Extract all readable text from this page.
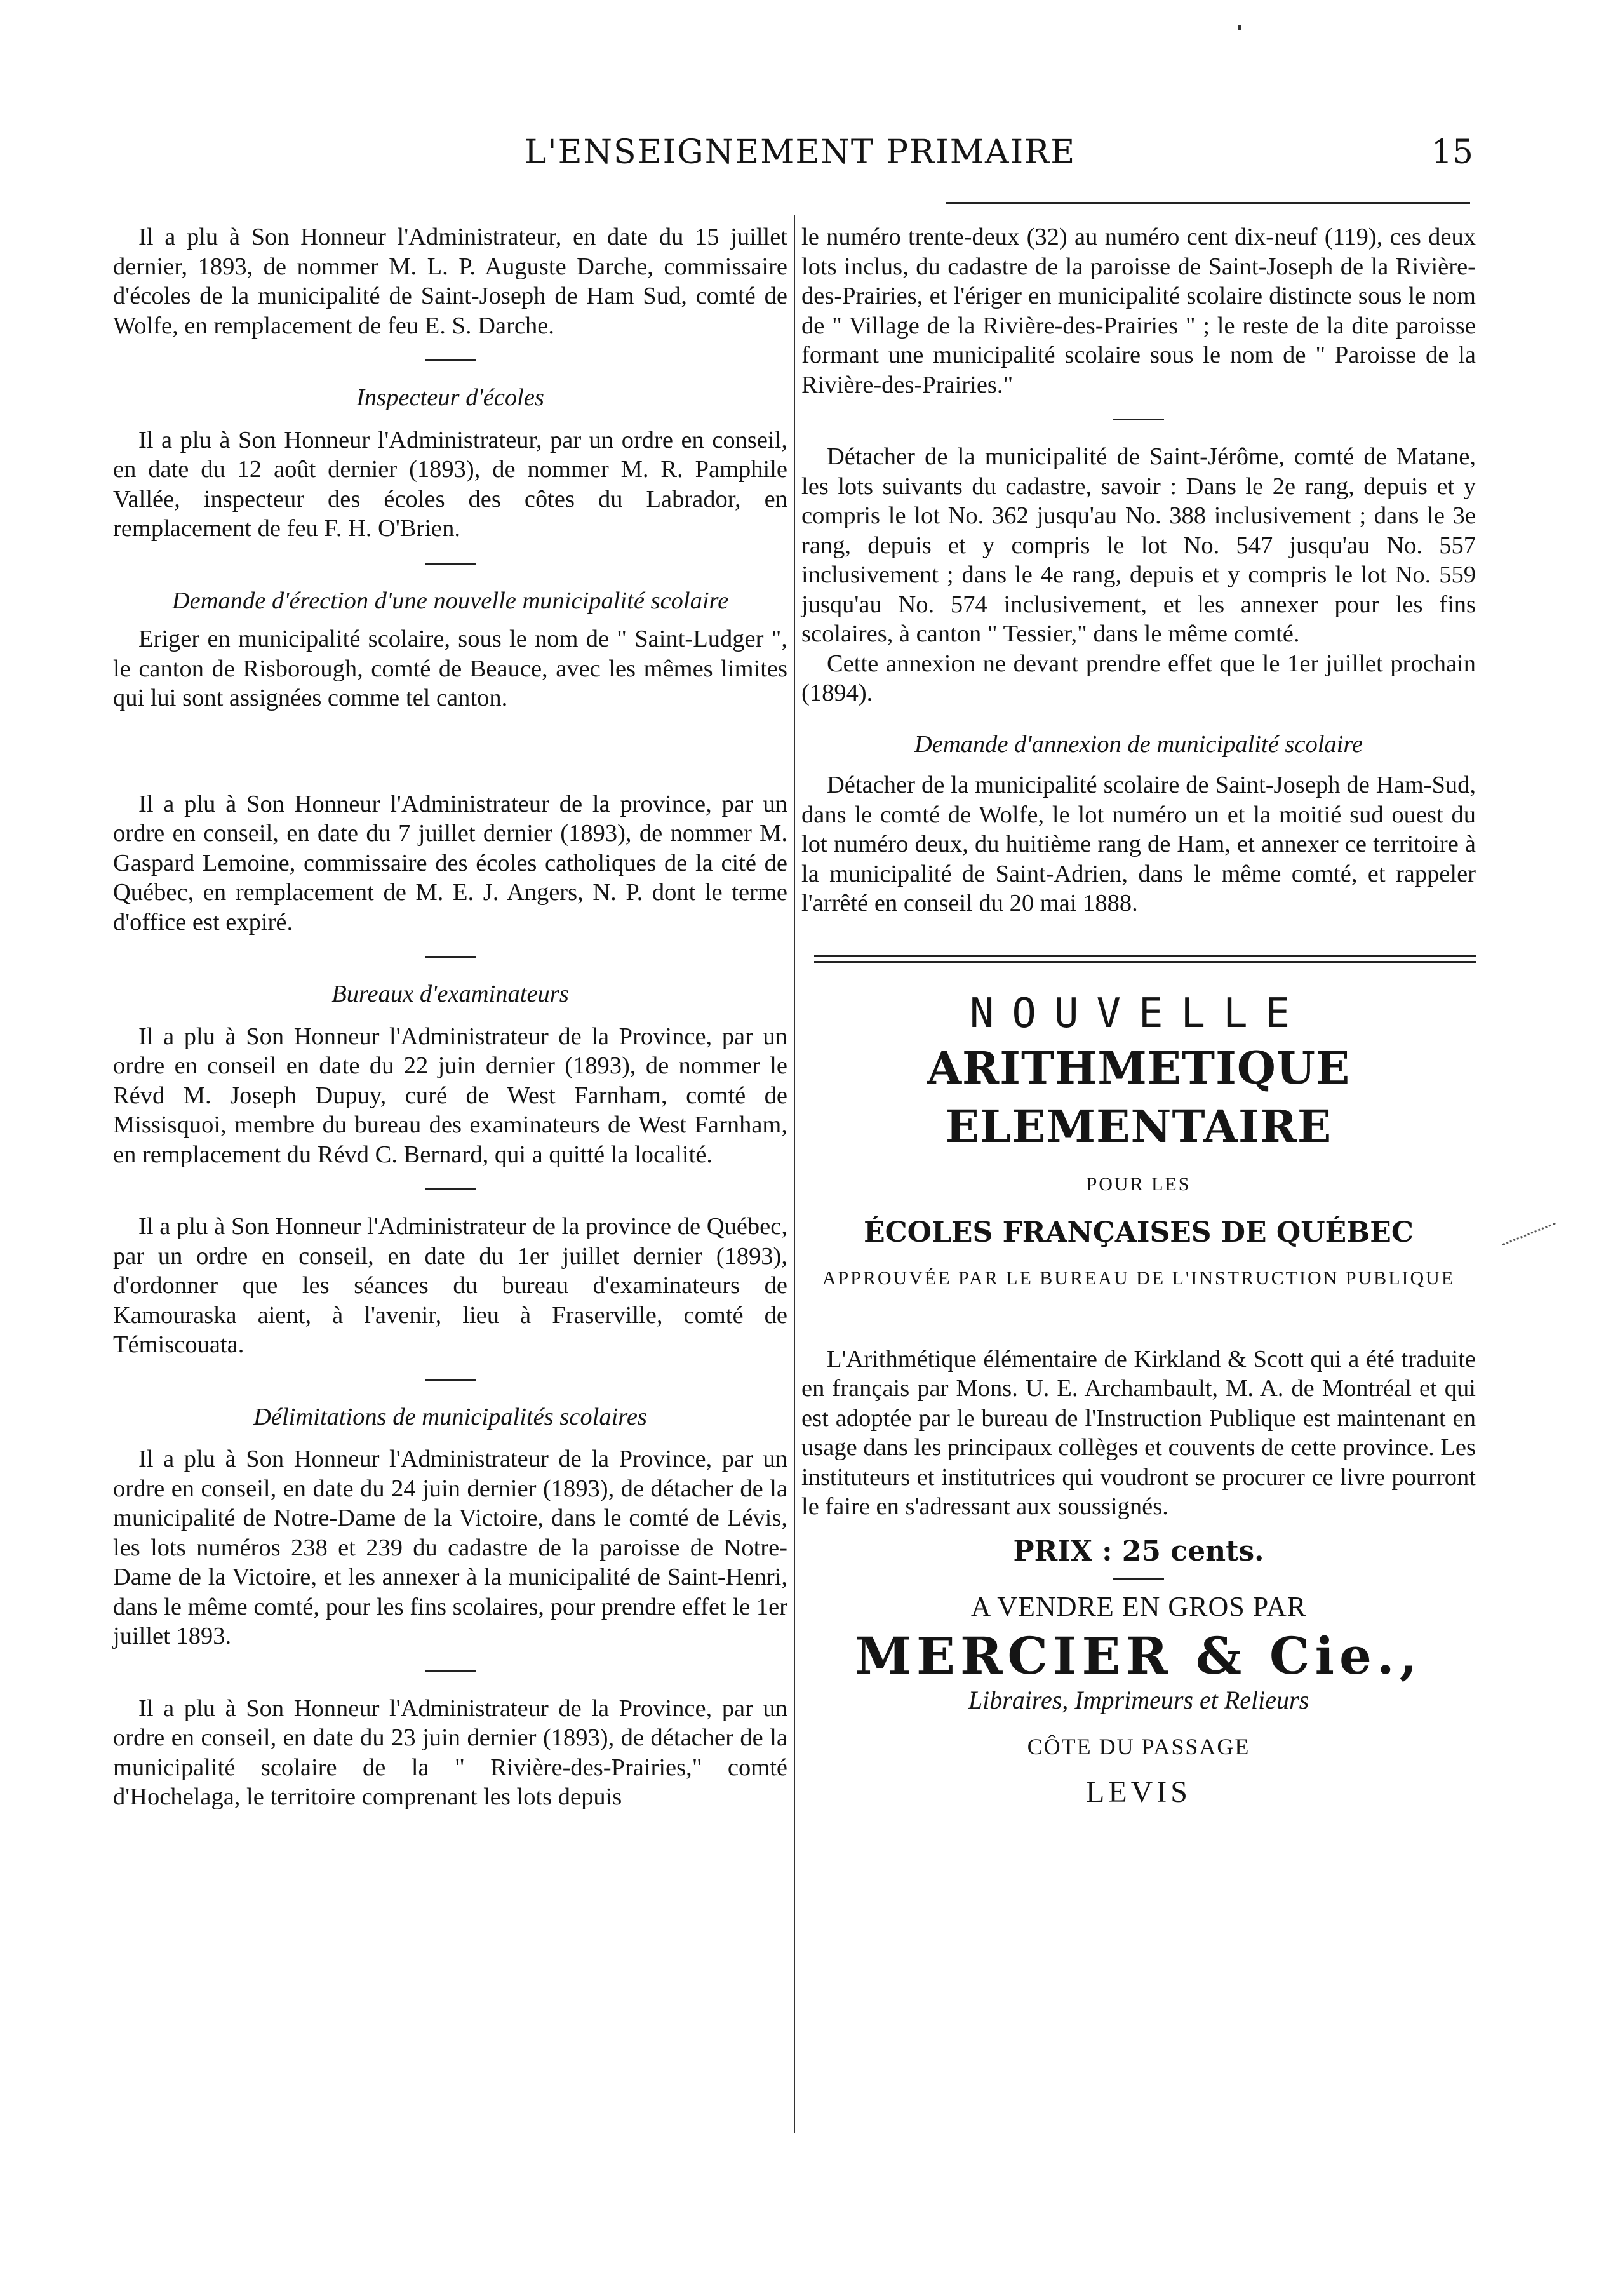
L'ENSEIGNEMENT PRIMAIRE	15

Il a plu à Son Honneur l'Administrateur, en date du 15 juillet dernier, 1893, de nommer M. L. P. Auguste Darche, commissaire d'écoles de la municipalité de Saint-Joseph de Ham Sud, comté de Wolfe, en remplacement de feu E. S. Darche.

Inspecteur d'écoles

Il a plu à Son Honneur l'Administrateur, par un ordre en conseil, en date du 12 août dernier (1893), de nommer M. R. Pamphile Vallée, inspecteur des écoles des côtes du Labrador, en remplacement de feu F. H. O'Brien.

Demande d'érection d'une nouvelle municipalité scolaire

Eriger en municipalité scolaire, sous le nom de " Saint-Ludger ", le canton de Risborough, comté de Beauce, avec les mêmes limites qui lui sont assignées comme tel canton.

Il a plu à Son Honneur l'Administrateur de la province, par un ordre en conseil, en date du 7 juillet dernier (1893), de nommer M. Gaspard Lemoine, commissaire des écoles catholiques de la cité de Québec, en remplacement de M. E. J. Angers, N. P. dont le terme d'office est expiré.

Bureaux d'examinateurs

Il a plu à Son Honneur l'Administrateur de la Province, par un ordre en conseil en date du 22 juin dernier (1893), de nommer le Révd M. Joseph Dupuy, curé de West Farnham, comté de Missisquoi, membre du bureau des examinateurs de West Farnham, en remplacement du Révd C. Bernard, qui a quitté la localité.

Il a plu à Son Honneur l'Administrateur de la province de Québec, par un ordre en conseil, en date du 1er juillet dernier (1893), d'ordonner que les séances du bureau d'examinateurs de Kamouraska aient, à l'avenir, lieu à Fraserville, comté de Témiscouata.

Délimitations de municipalités scolaires

Il a plu à Son Honneur l'Administrateur de la Province, par un ordre en conseil, en date du 24 juin dernier (1893), de détacher de la municipalité de Notre-Dame de la Victoire, dans le comté de Lévis, les lots numéros 238 et 239 du cadastre de la paroisse de Notre-Dame de la Victoire, et les annexer à la municipalité de Saint-Henri, dans le même comté, pour les fins scolaires, pour prendre effet le 1er juillet 1893.

Il a plu à Son Honneur l'Administrateur de la Province, par un ordre en conseil, en date du 23 juin dernier (1893), de détacher de la municipalité scolaire de la " Rivière-des-Prairies," comté d'Hochelaga, le territoire comprenant les lots depuis

le numéro trente-deux (32) au numéro cent dix-neuf (119), ces deux lots inclus, du cadastre de la paroisse de Saint-Joseph de la Rivière-des-Prairies, et l'ériger en municipalité scolaire distincte sous le nom de " Village de la Rivière-des-Prairies " ; le reste de la dite paroisse formant une municipalité scolaire sous le nom de " Paroisse de la Rivière-des-Prairies."

Détacher de la municipalité de Saint-Jérôme, comté de Matane, les lots suivants du cadastre, savoir : Dans le 2e rang, depuis et y compris le lot No. 362 jusqu'au No. 388 inclusivement ; dans le 3e rang, depuis et y compris le lot No. 547 jusqu'au No. 557 inclusivement ; dans le 4e rang, depuis et y compris le lot No. 559 jusqu'au No. 574 inclusivement, et les annexer pour les fins scolaires, à canton " Tessier," dans le même comté.

Cette annexion ne devant prendre effet que le 1er juillet prochain (1894).

Demande d'annexion de municipalité scolaire

Détacher de la municipalité scolaire de Saint-Joseph de Ham-Sud, dans le comté de Wolfe, le lot numéro un et la moitié sud ouest du lot numéro deux, du huitième rang de Ham, et annexer ce territoire à la municipalité de Saint-Adrien, dans le même comté, et rappeler l'arrêté en conseil du 20 mai 1888.

NOUVELLE
ARITHMETIQUE ELEMENTAIRE
POUR LES
ÉCOLES FRANÇAISES DE QUÉBEC
APPROUVÉE PAR LE BUREAU DE L'INSTRUCTION PUBLIQUE

L'Arithmétique élémentaire de Kirkland & Scott qui a été traduite en français par Mons. U. E. Archambault, M. A. de Montréal et qui est adoptée par le bureau de l'Instruction Publique est maintenant en usage dans les principaux collèges et couvents de cette province. Les instituteurs et institutrices qui voudront se procurer ce livre pourront le faire en s'adressant aux soussignés.

PRIX : 25 cents.
A VENDRE EN GROS PAR
MERCIER & Cie.,
Libraires, Imprimeurs et Relieurs
CÔTE DU PASSAGE
LEVIS
